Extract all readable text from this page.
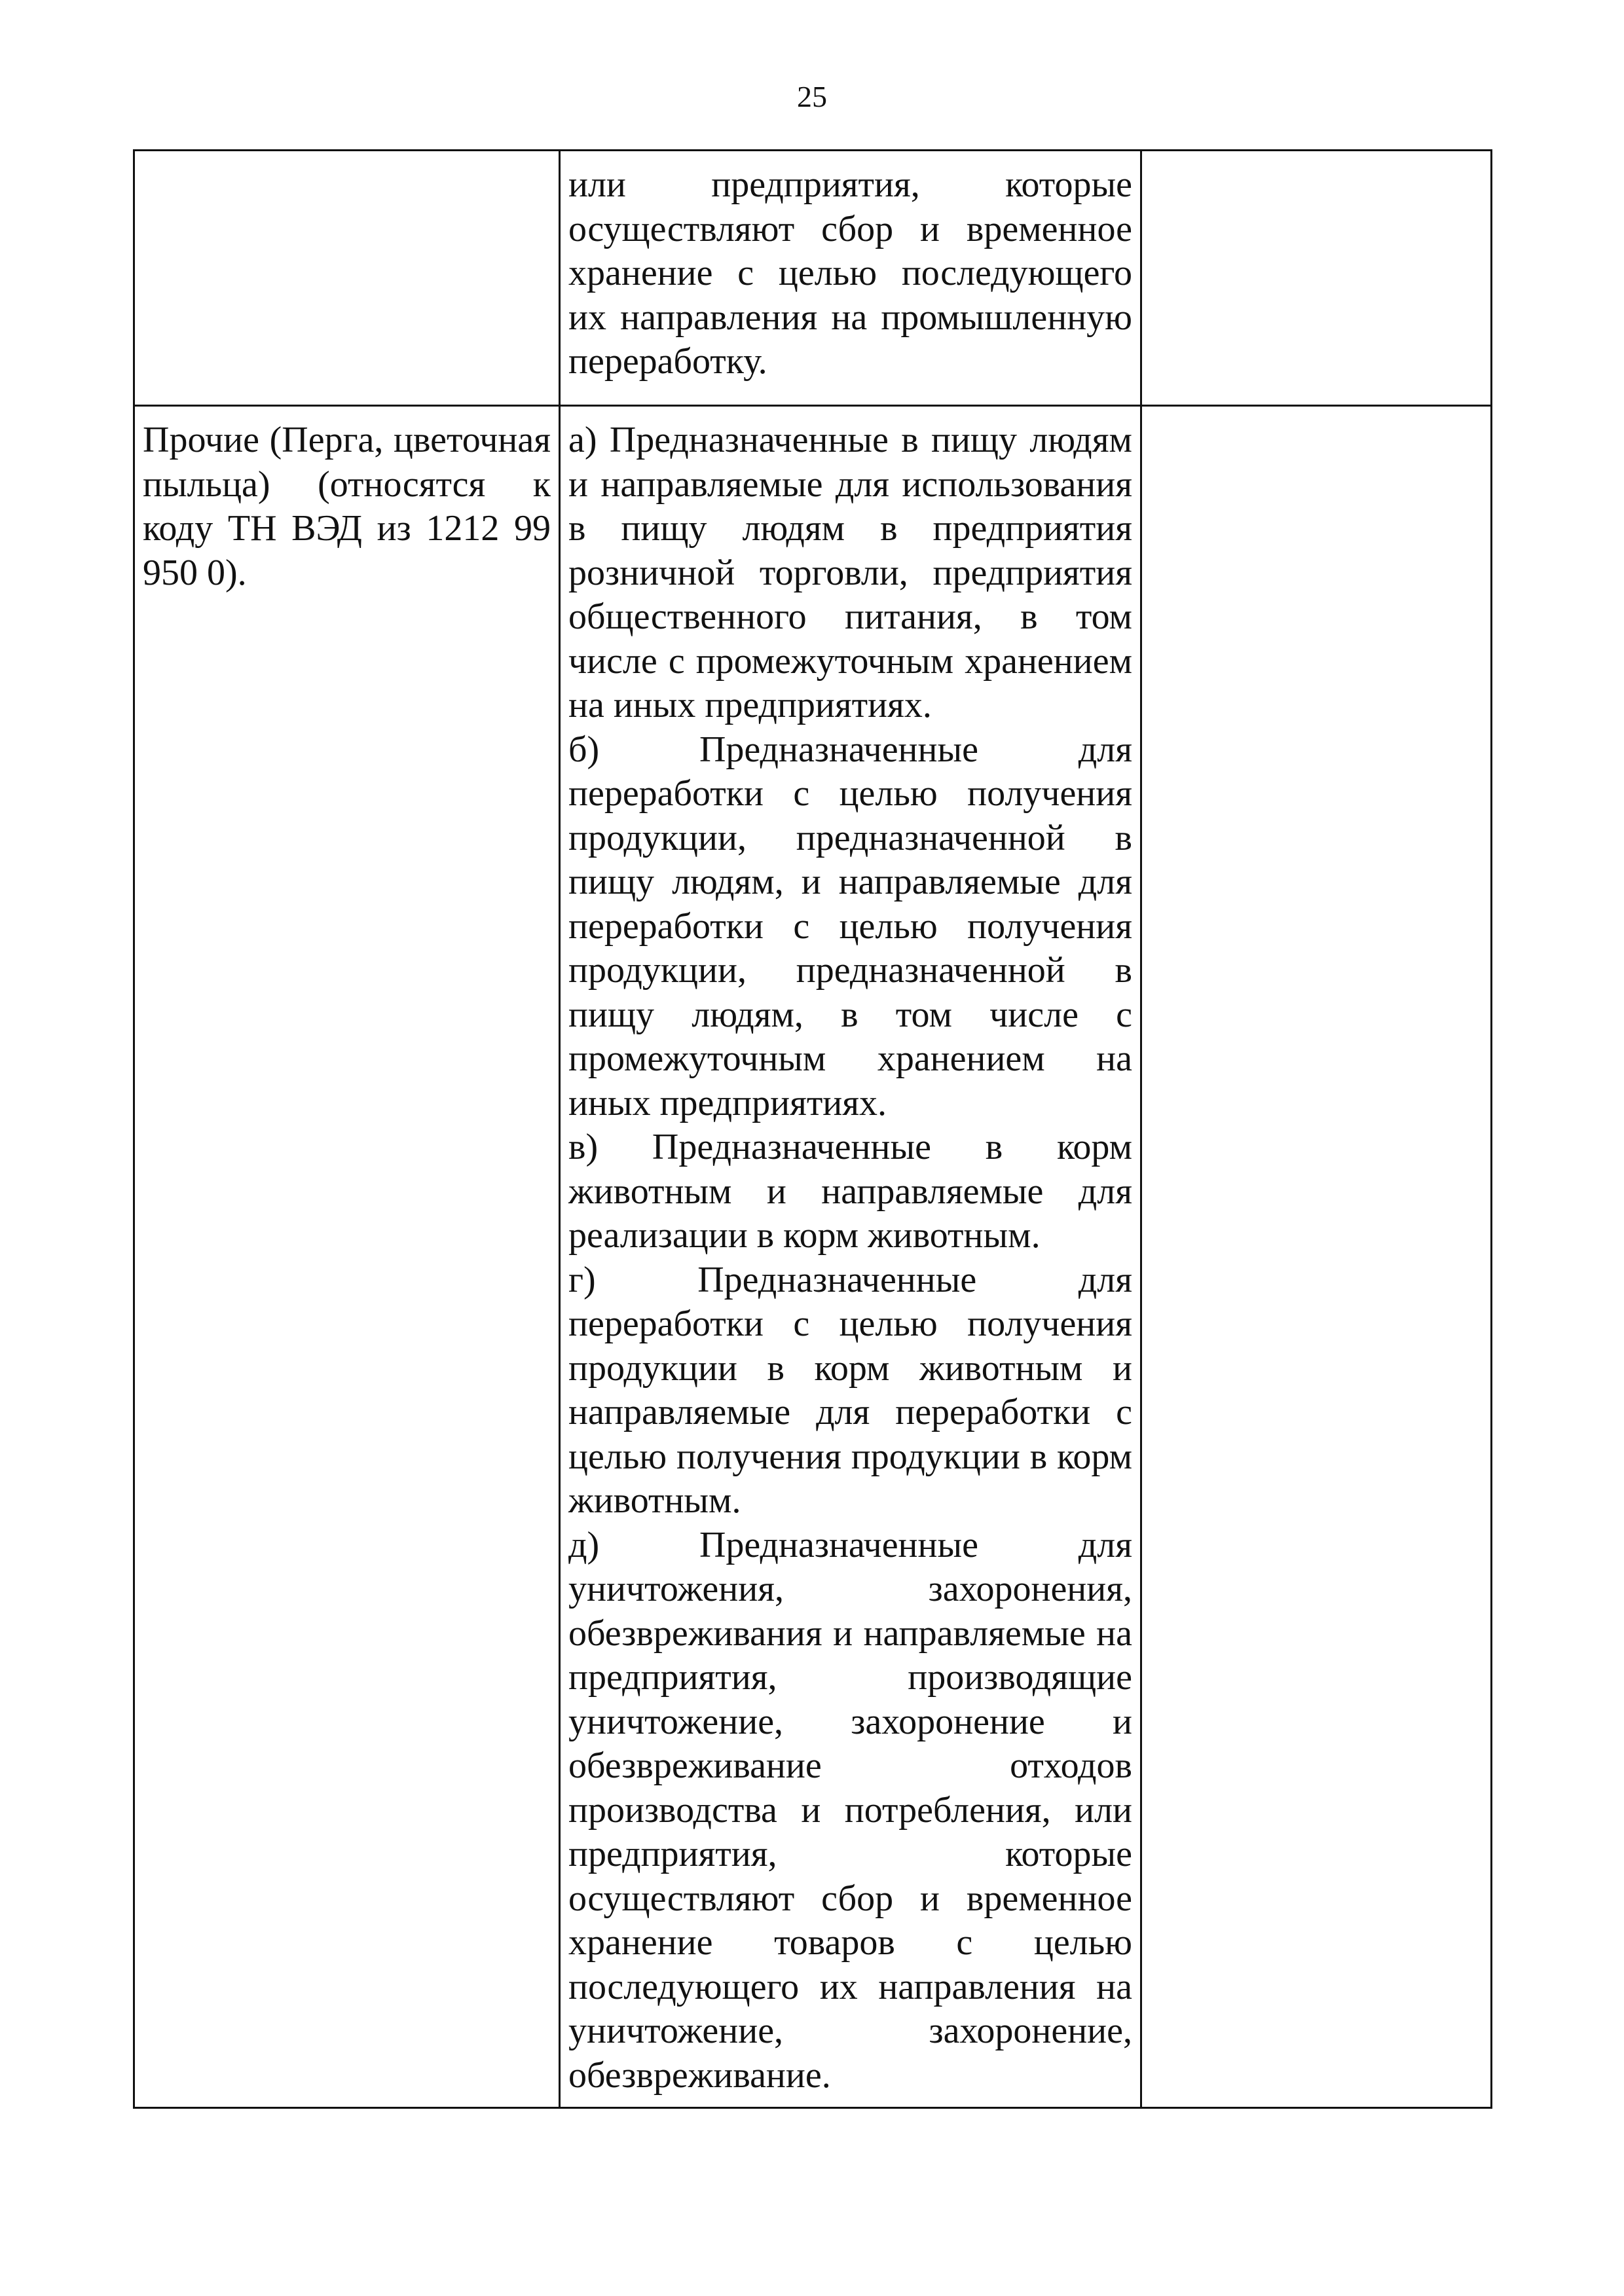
25

	или предприятия, которые осуществляют сбор и временное хранение с целью последующего их направления на промышленную переработку.	

Прочие (Перга, цветочная пыльца) (относятся к коду ТН ВЭД из 1212 99 950 0).	а) Предназначенные в пищу людям и направляемые для использования в пищу людям в предприятия розничной торговли, предприятия общественного питания, в том числе с промежуточным хранением на иных предприятиях.
б) Предназначенные для переработки с целью получения продукции, предназначенной в пищу людям, и направляемые для переработки с целью получения продукции, предназначенной в пищу людям, в том числе с промежуточным хранением на иных предприятиях.
в) Предназначенные в корм животным и направляемые для реализации в корм животным.
г) Предназначенные для переработки с целью получения продукции в корм животным и направляемые для переработки с целью получения продукции в корм животным.
д) Предназначенные для уничтожения, захоронения, обезвреживания и направляемые на предприятия, производящие уничтожение, захоронение и обезвреживание отходов производства и потребления, или предприятия, которые осуществляют сбор и временное хранение товаров с целью последующего их направления на уничтожение, захоронение, обезвреживание.	
